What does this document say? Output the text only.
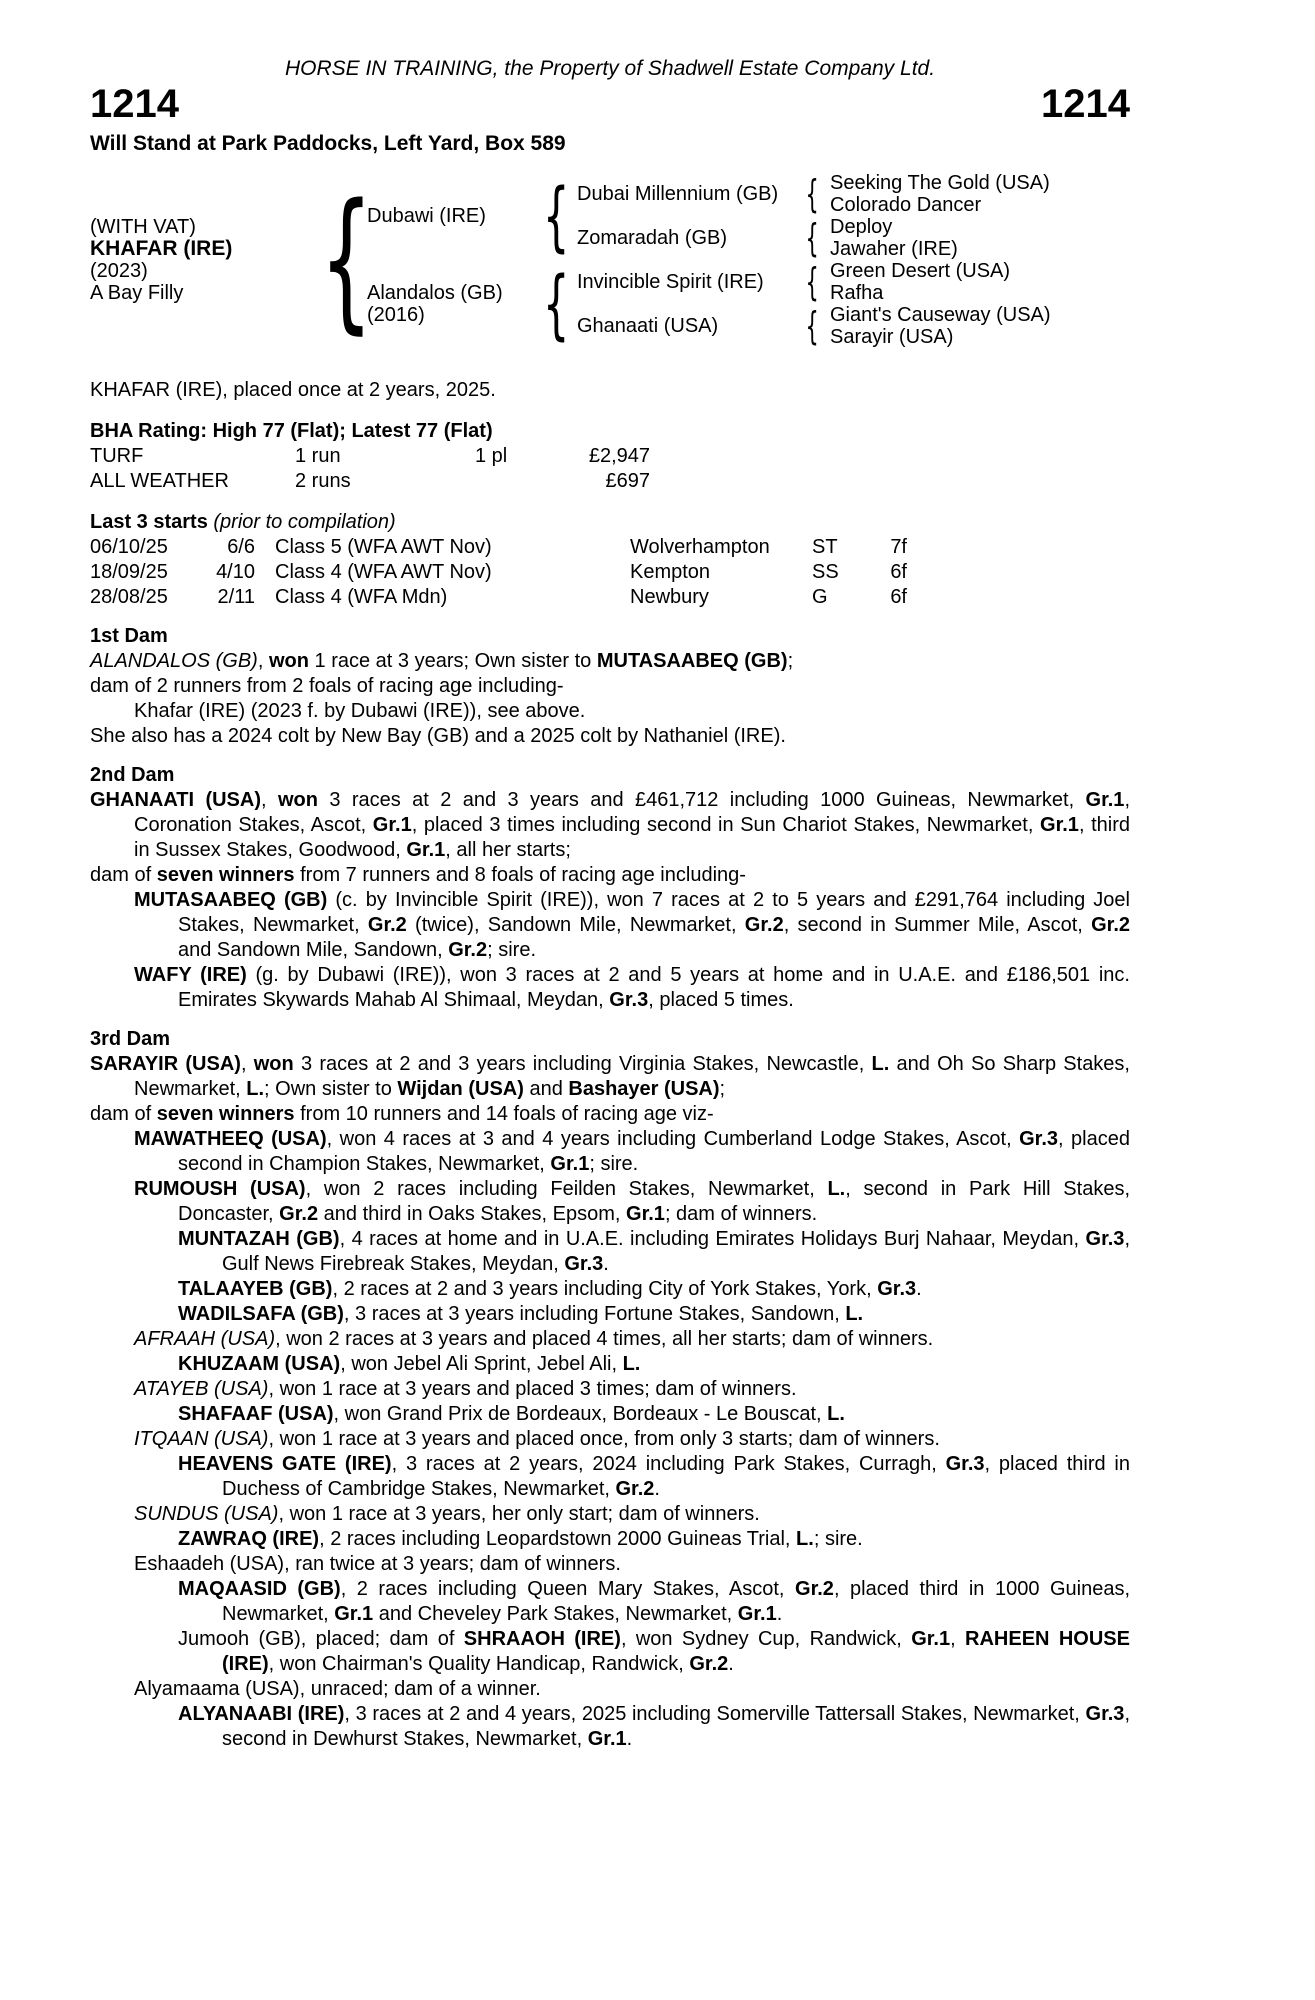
HORSE IN TRAINING, the Property of Shadwell Estate Company Ltd.
1214	1214
Will Stand at Park Paddocks, Left Yard, Box 589
(WITH VAT)
KHAFAR (IRE)
(2023)
A Bay Filly {
Dubawi (IRE)
Alandalos (GB)
(2016)
{
{
Dubai Millennium (GB)
Zomaradah (GB)
Invincible Spirit (IRE)
Ghanaati (USA)
{
{
{
{
Seeking The Gold (USA)
Colorado Dancer
Deploy
Jawaher (IRE)
Green Desert (USA)
Rafha
Giant's Causeway (USA)
Sarayir (USA)
KHAFAR (IRE), placed once at 2 years, 2025.
BHA Rating: High 77 (Flat); Latest 77 (Flat)
TURF	1 run	1 pl	£2,947
ALL WEATHER	2 runs	£697
Last 3 starts (prior to compilation)
06/10/25	6/6 Class 5 (WFA AWT Nov)	Wolverhampton ST	7f
18/09/25	4/10 Class 4 (WFA AWT Nov)	Kempton	SS	6f
28/08/25	2/11 Class 4 (WFA Mdn)	Newbury	G	6f
1st Dam

ALANDALOS (GB), won 1 race at 3 years; Own sister to MUTASAABEQ (GB);

dam of 2 runners from 2 foals of racing age including-

Khafar (IRE) (2023 f. by Dubawi (IRE)), see above.

She also has a 2024 colt by New Bay (GB) and a 2025 colt by Nathaniel (IRE).

2nd Dam

GHANAATI (USA), won 3 races at 2 and 3 years and £461,712 including 1000 Guineas, Newmarket, Gr.1, Coronation Stakes, Ascot, Gr.1, placed 3 times including second in Sun Chariot Stakes, Newmarket, Gr.1, third in Sussex Stakes, Goodwood, Gr.1, all her starts;

dam of seven winners from 7 runners and 8 foals of racing age including-

MUTASAABEQ (GB) (c. by Invincible Spirit (IRE)), won 7 races at 2 to 5 years and £291,764 including Joel Stakes, Newmarket, Gr.2 (twice), Sandown Mile, Newmarket, Gr.2, second in Summer Mile, Ascot, Gr.2 and Sandown Mile, Sandown, Gr.2; sire.

WAFY (IRE) (g. by Dubawi (IRE)), won 3 races at 2 and 5 years at home and in U.A.E. and £186,501 inc. Emirates Skywards Mahab Al Shimaal, Meydan, Gr.3, placed 5 times.

3rd Dam

SARAYIR (USA), won 3 races at 2 and 3 years including Virginia Stakes, Newcastle, L. and Oh So Sharp Stakes, Newmarket, L.; Own sister to Wijdan (USA) and Bashayer (USA);

dam of seven winners from 10 runners and 14 foals of racing age viz-

MAWATHEEQ (USA), won 4 races at 3 and 4 years including Cumberland Lodge Stakes, Ascot, Gr.3, placed second in Champion Stakes, Newmarket, Gr.1; sire.

RUMOUSH (USA), won 2 races including Feilden Stakes, Newmarket, L., second in Park Hill Stakes, Doncaster, Gr.2 and third in Oaks Stakes, Epsom, Gr.1; dam of winners.

MUNTAZAH (GB), 4 races at home and in U.A.E. including Emirates Holidays Burj Nahaar, Meydan, Gr.3, Gulf News Firebreak Stakes, Meydan, Gr.3.

TALAAYEB (GB), 2 races at 2 and 3 years including City of York Stakes, York, Gr.3.

WADILSAFA (GB), 3 races at 3 years including Fortune Stakes, Sandown, L.

AFRAAH (USA), won 2 races at 3 years and placed 4 times, all her starts; dam of winners.

KHUZAAM (USA), won Jebel Ali Sprint, Jebel Ali, L.

ATAYEB (USA), won 1 race at 3 years and placed 3 times; dam of winners.

SHAFAAF (USA), won Grand Prix de Bordeaux, Bordeaux - Le Bouscat, L.

ITQAAN (USA), won 1 race at 3 years and placed once, from only 3 starts; dam of winners.

HEAVENS GATE (IRE), 3 races at 2 years, 2024 including Park Stakes, Curragh, Gr.3, placed third in Duchess of Cambridge Stakes, Newmarket, Gr.2.

SUNDUS (USA), won 1 race at 3 years, her only start; dam of winners.

ZAWRAQ (IRE), 2 races including Leopardstown 2000 Guineas Trial, L.; sire.

Eshaadeh (USA), ran twice at 3 years; dam of winners.

MAQAASID (GB), 2 races including Queen Mary Stakes, Ascot, Gr.2, placed third in 1000 Guineas, Newmarket, Gr.1 and Cheveley Park Stakes, Newmarket, Gr.1.

Jumooh (GB), placed; dam of SHRAAOH (IRE), won Sydney Cup, Randwick, Gr.1, RAHEEN HOUSE (IRE), won Chairman's Quality Handicap, Randwick, Gr.2.

Alyamaama (USA), unraced; dam of a winner.

ALYANAABI (IRE), 3 races at 2 and 4 years, 2025 including Somerville Tattersall Stakes, Newmarket, Gr.3, second in Dewhurst Stakes, Newmarket, Gr.1.
